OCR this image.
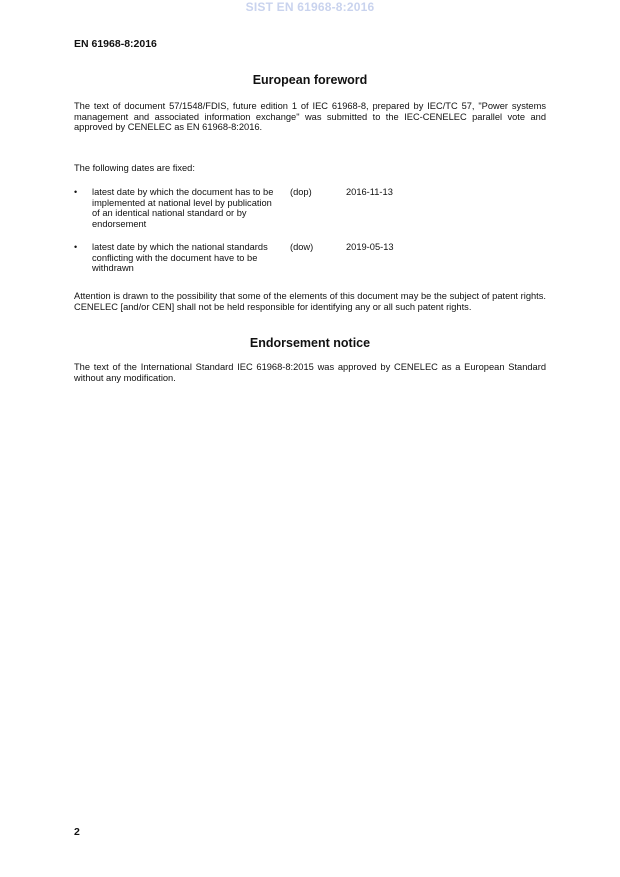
SIST EN 61968-8:2016
EN 61968-8:2016
European foreword

The text of document 57/1548/FDIS, future edition 1 of IEC 61968-8, prepared by IEC/TC 57, "Power systems management and associated information exchange" was submitted to the IEC-CENELEC parallel vote and approved by CENELEC as EN 61968-8:2016.

The following dates are fixed:

• latest date by which the document has to be implemented at national level by publication of an identical national standard or by endorsement
(dop)	2016-11-13
• latest date by which the national standards conflicting with the document have to be withdrawn
(dow)	2019-05-13

Attention is drawn to the possibility that some of the elements of this document may be the subject of patent rights. CENELEC [and/or CEN] shall not be held responsible for identifying any or all such patent rights.

Endorsement notice

The text of the International Standard IEC 61968-8:2015 was approved by CENELEC as a European Standard without any modification.

2
